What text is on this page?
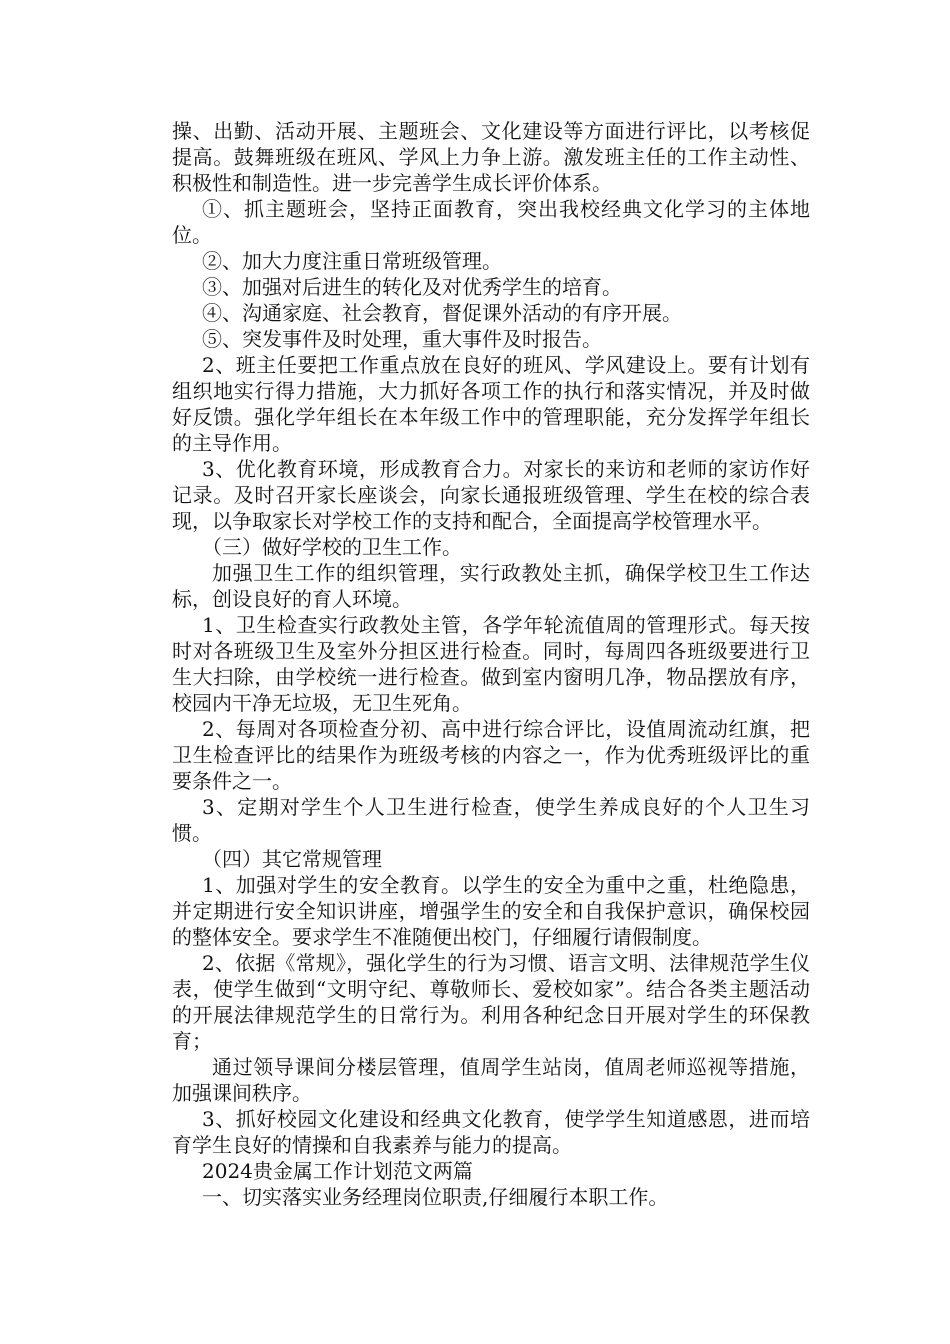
操、出勤、活动开展、主题班会、文化建设等方面进行评比，以考核促提高。鼓舞班级在班风、学风上力争上游。激发班主任的工作主动性、积极性和制造性。进一步完善学生成长评价体系。

①、抓主题班会，坚持正面教育，突出我校经典文化学习的主体地位。

②、加大力度注重日常班级管理。

③、加强对后进生的转化及对优秀学生的培育。

④、沟通家庭、社会教育，督促课外活动的有序开展。

⑤、突发事件及时处理，重大事件及时报告。

2、班主任要把工作重点放在良好的班风、学风建设上。要有计划有组织地实行得力措施，大力抓好各项工作的执行和落实情况，并及时做好反馈。强化学年组长在本年级工作中的管理职能，充分发挥学年组长的主导作用。

3、优化教育环境，形成教育合力。对家长的来访和老师的家访作好记录。及时召开家长座谈会，向家长通报班级管理、学生在校的综合表现，以争取家长对学校工作的支持和配合，全面提高学校管理水平。

（三）做好学校的卫生工作。

加强卫生工作的组织管理，实行政教处主抓，确保学校卫生工作达标，创设良好的育人环境。

1、卫生检查实行政教处主管，各学年轮流值周的管理形式。每天按时对各班级卫生及室外分担区进行检查。同时，每周四各班级要进行卫生大扫除，由学校统一进行检查。做到室内窗明几净，物品摆放有序，校园内干净无垃圾，无卫生死角。

2、每周对各项检查分初、高中进行综合评比，设值周流动红旗，把卫生检查评比的结果作为班级考核的内容之一，作为优秀班级评比的重要条件之一。

3、定期对学生个人卫生进行检查，使学生养成良好的个人卫生习惯。

（四）其它常规管理

1、加强对学生的安全教育。以学生的安全为重中之重，杜绝隐患，并定期进行安全知识讲座，增强学生的安全和自我保护意识，确保校园的整体安全。要求学生不准随便出校门，仔细履行请假制度。

2、依据《常规》，强化学生的行为习惯、语言文明、法律规范学生仪表，使学生做到“文明守纪、尊敬师长、爱校如家”。结合各类主题活动的开展法律规范学生的日常行为。利用各种纪念日开展对学生的环保教育；

通过领导课间分楼层管理，值周学生站岗，值周老师巡视等措施，加强课间秩序。

3、抓好校园文化建设和经典文化教育，使学学生知道感恩，进而培育学生良好的情操和自我素养与能力的提高。

2024贵金属工作计划范文两篇

一、切实落实业务经理岗位职责,仔细履行本职工作。
